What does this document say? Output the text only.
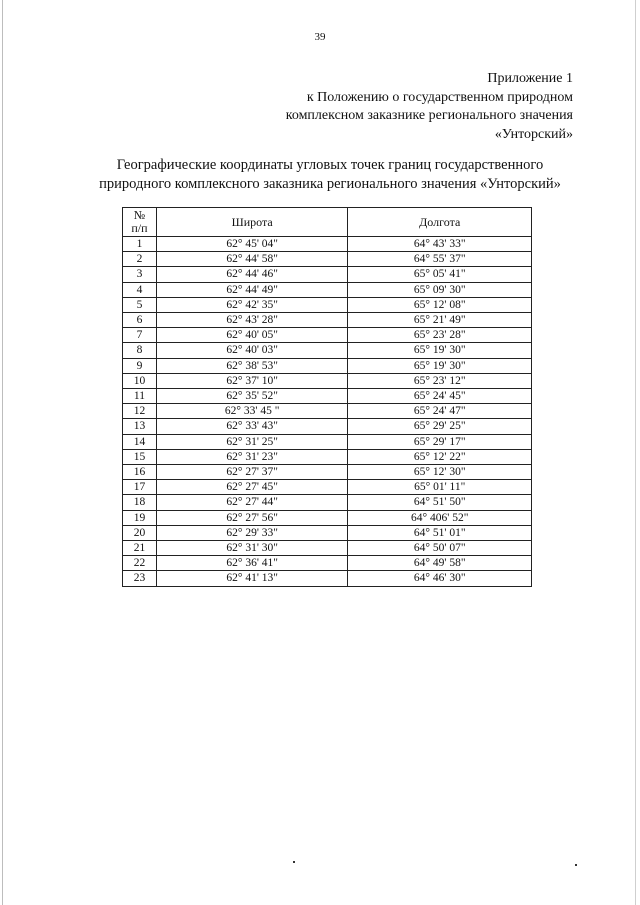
39
Приложение 1
к Положению о государственном природном
комплексном заказнике регионального значения
«Унторский»
Географические координаты угловых точек границ государственного
природного комплексного заказника регионального значения «Унторский»
№
п/п	Широта	Долгота
1	62° 45' 04"	64° 43' 33"
2	62° 44' 58"	64° 55' 37"
3	62° 44' 46"	65° 05' 41"
4	62° 44' 49"	65° 09' 30"
5	62° 42' 35"	65° 12' 08"
6	62° 43' 28"	65° 21' 49"
7	62° 40' 05"	65° 23' 28"
8	62° 40' 03"	65° 19' 30"
9	62° 38' 53"	65° 19' 30"
10	62° 37' 10"	65° 23' 12"
11	62° 35' 52"	65° 24' 45"
12	62° 33' 45 "	65° 24' 47"
13	62° 33' 43"	65° 29' 25"
14	62° 31' 25"	65° 29' 17"
15	62° 31' 23"	65° 12' 22"
16	62° 27' 37"	65° 12' 30"
17	62° 27' 45"	65° 01' 11"
18	62° 27' 44"	64° 51' 50"
19	62° 27' 56"	64° 406' 52"
20	62° 29' 33"	64° 51' 01"
21	62° 31' 30"	64° 50' 07"
22	62° 36' 41"	64° 49' 58"
23	62° 41' 13"	64° 46' 30"
